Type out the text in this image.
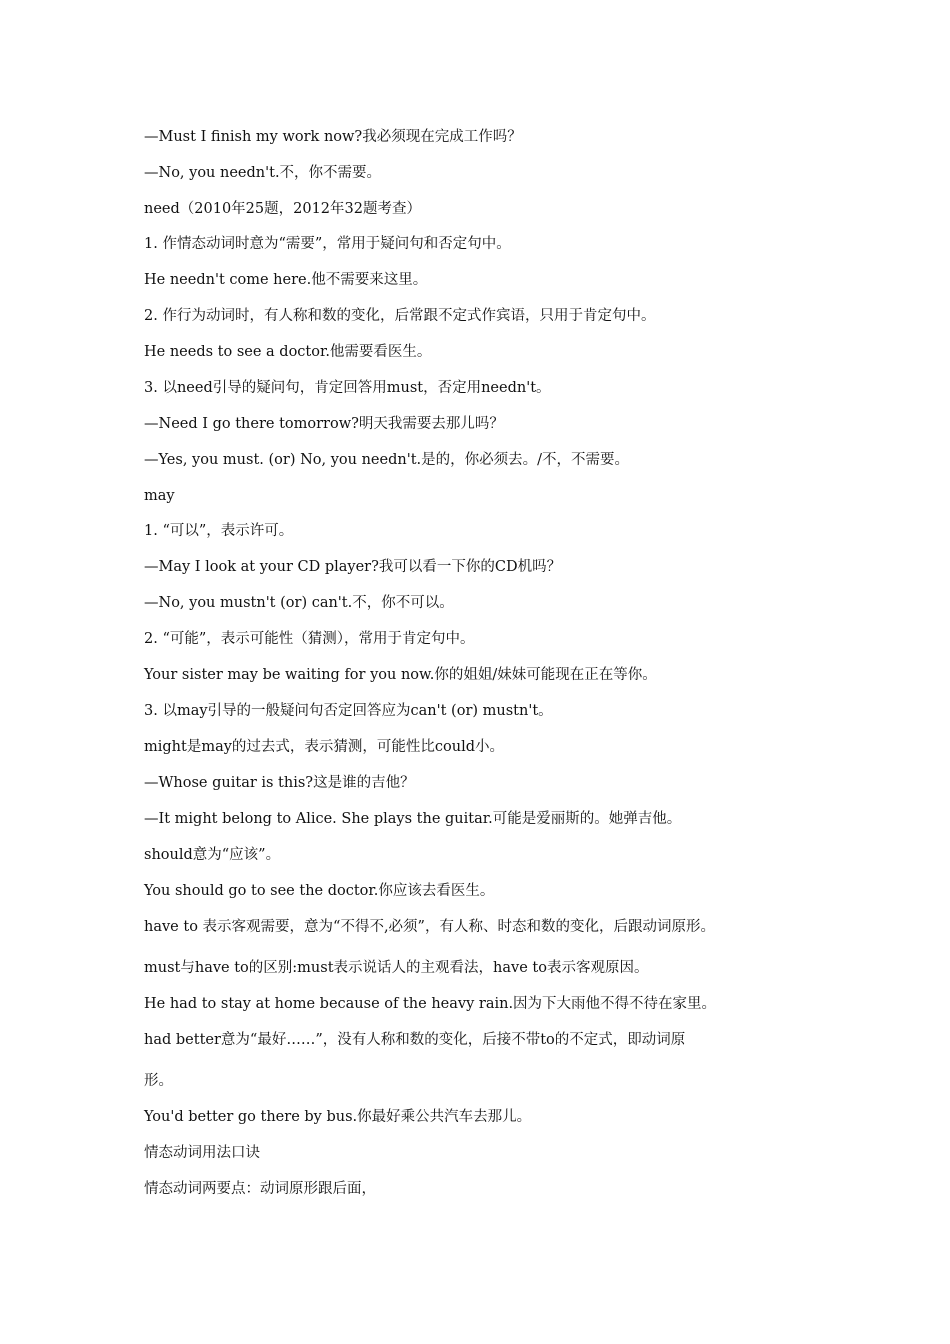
—Must I finish my work now?我必须现在完成工作吗？
—No, you needn't.不，你不需要。
need（2010年25题，2012年32题考查）
1. 作情态动词时意为“需要”，常用于疑问句和否定句中。
He needn't come here.他不需要来这里。
2. 作行为动词时，有人称和数的变化，后常跟不定式作宾语，只用于肯定句中。
He needs to see a doctor.他需要看医生。
3. 以need引导的疑问句，肯定回答用must，否定用needn't。
—Need I go there tomorrow?明天我需要去那儿吗？
—Yes, you must. (or) No, you needn't.是的，你必须去。/不，不需要。
may
1. “可以”，表示许可。
—May I look at your CD player?我可以看一下你的CD机吗？
—No, you mustn't (or) can't.不，你不可以。
2. “可能”，表示可能性（猜测），常用于肯定句中。
Your sister may be waiting for you now.你的姐姐/妹妹可能现在正在等你。
3. 以may引导的一般疑问句否定回答应为can't (or) mustn't。
might是may的过去式，表示猜测，可能性比could小。
—Whose guitar is this?这是谁的吉他？
—It might belong to Alice. She plays the guitar.可能是爱丽斯的。她弹吉他。
should意为“应该”。
You should go to see the doctor.你应该去看医生。
have to 表示客观需要，意为“不得不,必须”，有人称、时态和数的变化，后跟动词原形。
must与have to的区别:must表示说话人的主观看法，have to表示客观原因。
He had to stay at home because of the heavy rain.因为下大雨他不得不待在家里。
had better意为“最好……”，没有人称和数的变化，后接不带to的不定式，即动词原
形。
You'd better go there by bus.你最好乘公共汽车去那儿。
情态动词用法口诀
情态动词两要点：动词原形跟后面，
